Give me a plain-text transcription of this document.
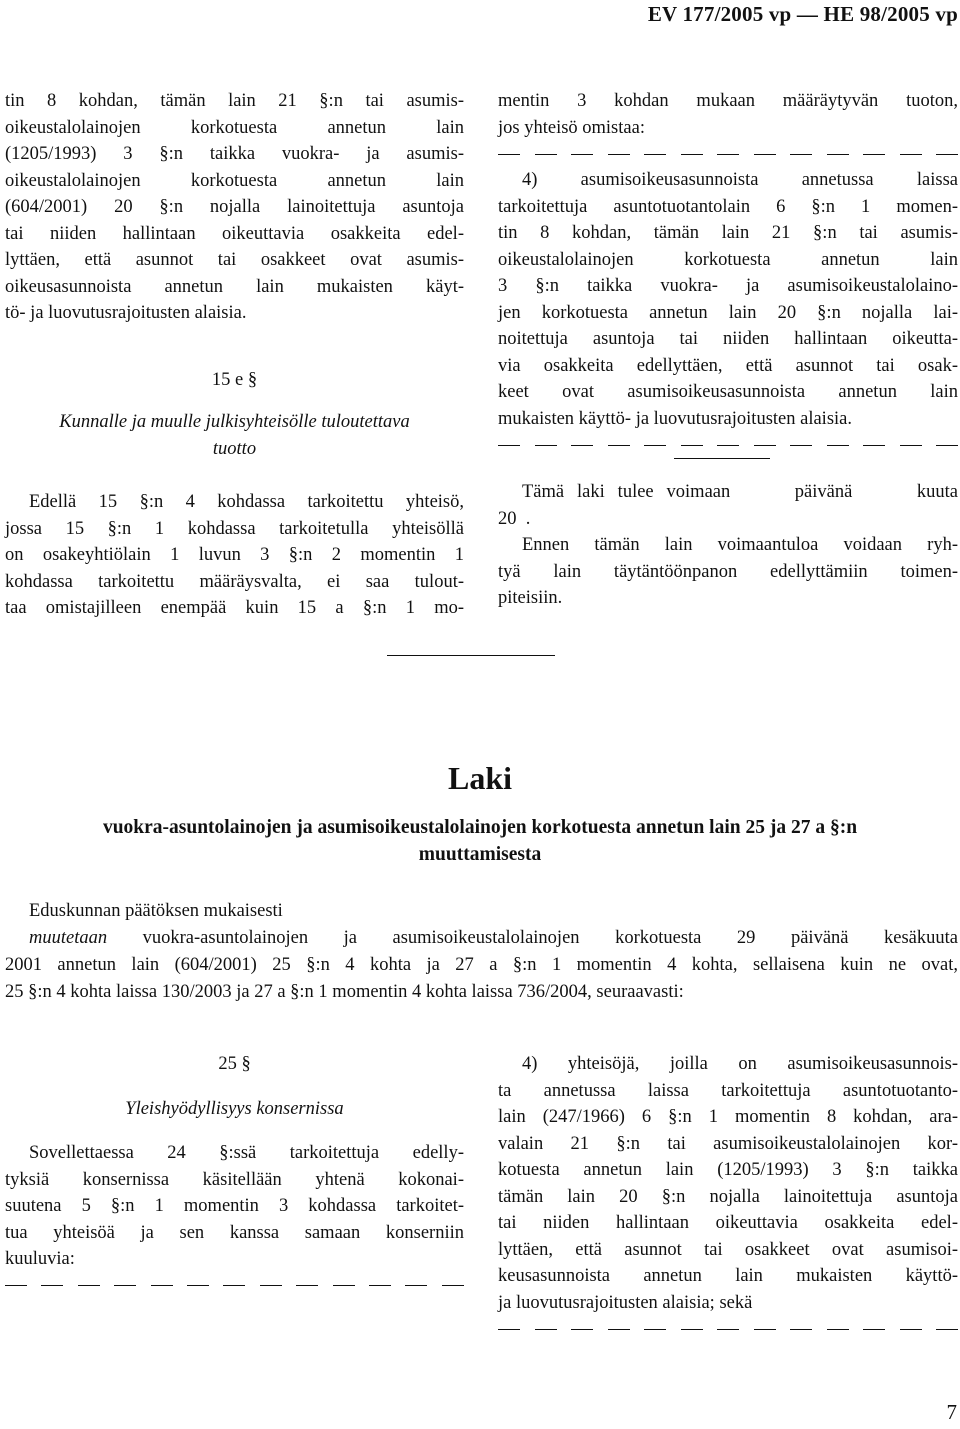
EV 177/2005 vp — HE 98/2005 vp
tin 8 kohdan, tämän lain 21 §:n tai asumis-
oikeustalolainojen korkotuesta annetun lain
(1205/1993) 3 §:n taikka vuokra- ja asumis-
oikeustalolainojen korkotuesta annetun lain
(604/2001) 20 §:n nojalla lainoitettuja asuntoja
tai niiden hallintaan oikeuttavia osakkeita edel-
lyttäen, että asunnot tai osakkeet ovat asumis-
oikeusasunnoista annetun lain mukaisten käyt-
tö- ja luovutusrajoitusten alaisia.
15 e §
Kunnalle ja muulle julkisyhteisölle tuloutettava
tuotto
Edellä 15 §:n 4 kohdassa tarkoitettu yhteisö,
jossa 15 §:n 1 kohdassa tarkoitetulla yhteisöllä
on osakeyhtiölain 1 luvun 3 §:n 2 momentin 1
kohdassa tarkoitettu määräysvalta, ei saa tulout-
taa omistajilleen enempää kuin 15 a §:n 1 mo-
mentin 3 kohdan mukaan määräytyvän tuoton,
jos yhteisö omistaa:
4) asumisoikeusasunnoista annetussa laissa
tarkoitettuja asuntotuotantolain 6 §:n 1 momen-
tin 8 kohdan, tämän lain 21 §:n tai asumis-
oikeustalolainojen korkotuesta annetun lain
3 §:n taikka vuokra- ja asumisoikeustalolaino-
jen korkotuesta annetun lain 20 §:n nojalla lai-
noitettuja asuntoja tai niiden hallintaan oikeutta-
via osakkeita edellyttäen, että asunnot tai osak-
keet ovat asumisoikeusasunnoista annetun lain
mukaisten käyttö- ja luovutusrajoitusten alaisia.
Tämä laki tulee voimaan     päivänä     kuuta
20  .
Ennen tämän lain voimaantuloa voidaan ryh-
tyä lain täytäntöönpanon edellyttämiin toimen-
piteisiin.
Laki
vuokra-asuntolainojen ja asumisoikeustalolainojen korkotuesta annetun lain 25 ja 27 a §:n
muuttamisesta
Eduskunnan päätöksen mukaisesti
muutetaan vuokra-asuntolainojen ja asumisoikeustalolainojen korkotuesta 29 päivänä kesäkuuta
2001 annetun lain (604/2001) 25 §:n 4 kohta ja 27 a §:n 1 momentin 4 kohta, sellaisena kuin ne ovat,
25 §:n 4 kohta laissa 130/2003 ja 27 a §:n 1 momentin 4 kohta laissa 736/2004, seuraavasti:
25 §
Yleishyödyllisyys konsernissa
Sovellettaessa 24 §:ssä tarkoitettuja edelly-
tyksiä konsernissa käsitellään yhtenä kokonai-
suutena 5 §:n 1 momentin 3 kohdassa tarkoitet-
tua yhteisöä ja sen kanssa samaan konserniin
kuuluvia:
4) yhteisöjä, joilla on asumisoikeusasunnois-
ta annetussa laissa tarkoitettuja asuntotuotanto-
lain (247/1966) 6 §:n 1 momentin 8 kohdan, ara-
valain 21 §:n tai asumisoikeustalolainojen kor-
kotuesta annetun lain (1205/1993) 3 §:n taikka
tämän lain 20 §:n nojalla lainoitettuja asuntoja
tai niiden hallintaan oikeuttavia osakkeita edel-
lyttäen, että asunnot tai osakkeet ovat asumisoi-
keusasunnoista annetun lain mukaisten käyttö-
ja luovutusrajoitusten alaisia; sekä
7
